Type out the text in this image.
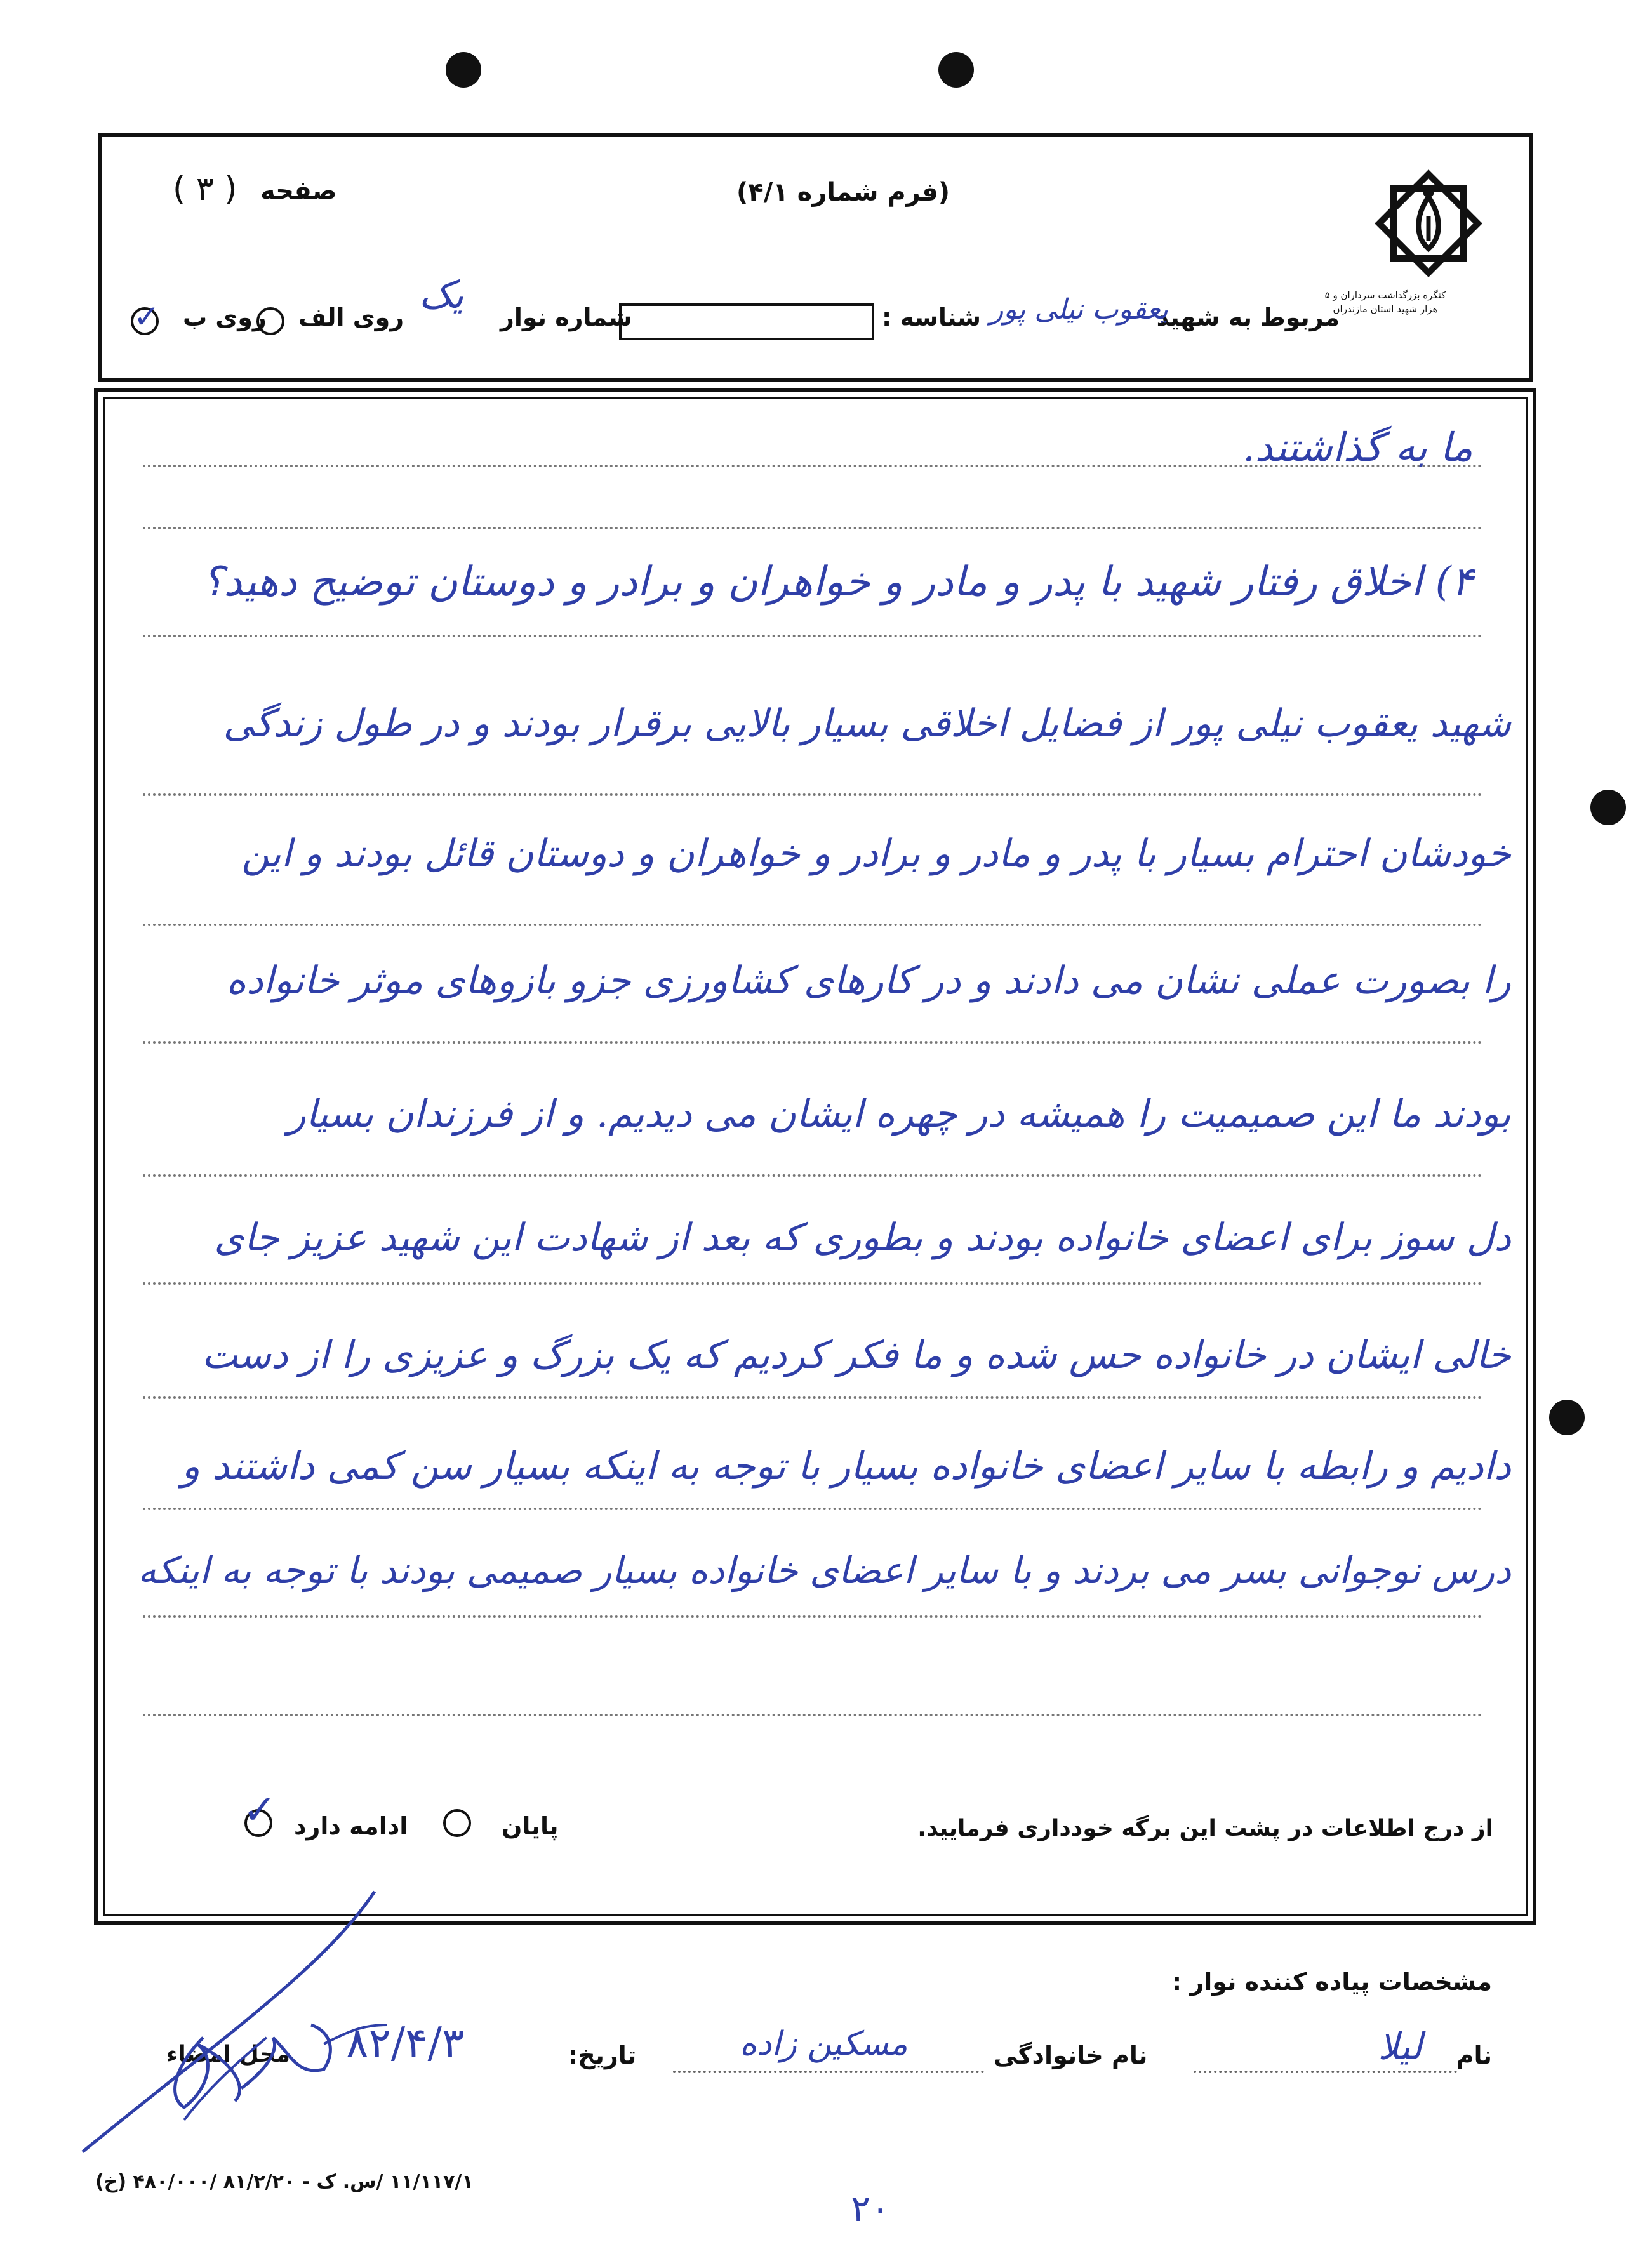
کنگره بزرگداشت سرداران و ۵ هزار شهید استان مازندران
صفحه
( ۳ )	(فرم شماره ۴/۱)
مربوط به شهید
یعقوب نیلی پور
شناسه :
شماره نوار
یک
روی الف
روی ب
✓
ما به گذاشتند.
۴) اخلاق رفتار شهید با پدر و مادر و خواهران و برادر و دوستان توضیح دهید؟
شهید یعقوب نیلی پور از فضایل اخلاقی بسیار بالایی برقرار بودند و در طول زندگی
خودشان احترام بسیار با پدر و مادر و برادر و خواهران و دوستان قائل بودند و این
را بصورت عملی نشان می دادند و در کارهای کشاورزی جزو بازوهای موثر خانواده
بودند ما این صمیمیت را همیشه در چهره ایشان می دیدیم. و از فرزندان بسیار
دل سوز برای اعضای خانواده بودند و بطوری که بعد از شهادت این شهید عزیز جای
خالی ایشان در خانواده حس شده و ما فکر کردیم که یک بزرگ و عزیزی را از دست
دادیم و رابطه با سایر اعضای خانواده بسیار با توجه به اینکه بسیار سن کمی داشتند و
درس نوجوانی بسر می بردند و با سایر اعضای خانواده بسیار صمیمی بودند با توجه به اینکه
از درج اطلاعات در پشت این برگه خودداری فرمایید.
پایان
ادامه دارد
✓
مشخصات پیاده کننده نوار :
نام
لیلا
نام خانوادگی
مسکین زاده
تاریخ:
۸۲/۴/۳
محل امضاء
۱۱/۱۱۷/۱ /س. ک - ۸۱/۲/۲۰ /۴۸۰/۰۰۰ (خ)
۲۰
